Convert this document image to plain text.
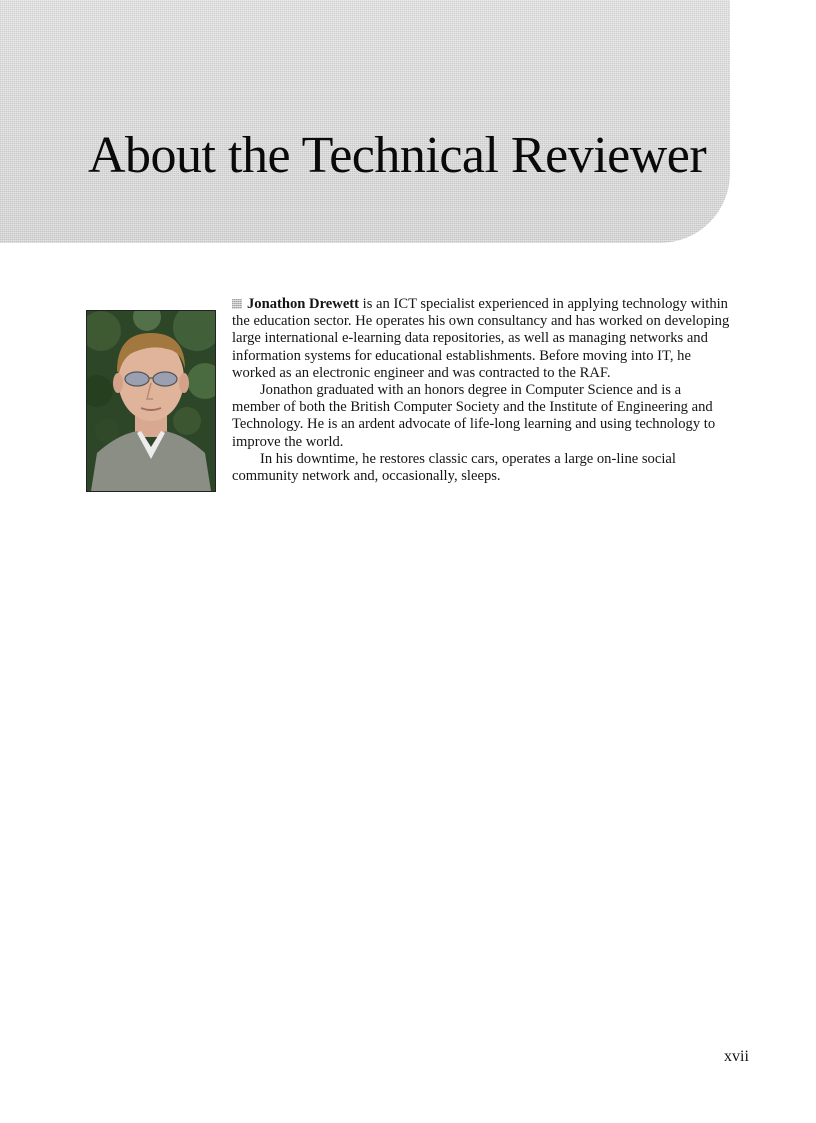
About the Technical Reviewer

Jonathon Drewett is an ICT specialist experienced in applying technology within the education sector. He operates his own consultancy and has worked on developing large international e-learning data repositories, as well as managing networks and information systems for educational establishments. Before moving into IT, he worked as an electronic engineer and was contracted to the RAF.

Jonathon graduated with an honors degree in Computer Science and is a member of both the British Computer Society and the Institute of Engineering and Technology. He is an ardent advocate of life-long learning and using technology to improve the world.

In his downtime, he restores classic cars, operates a large on-line social community network and, occasionally, sleeps.

xvii
